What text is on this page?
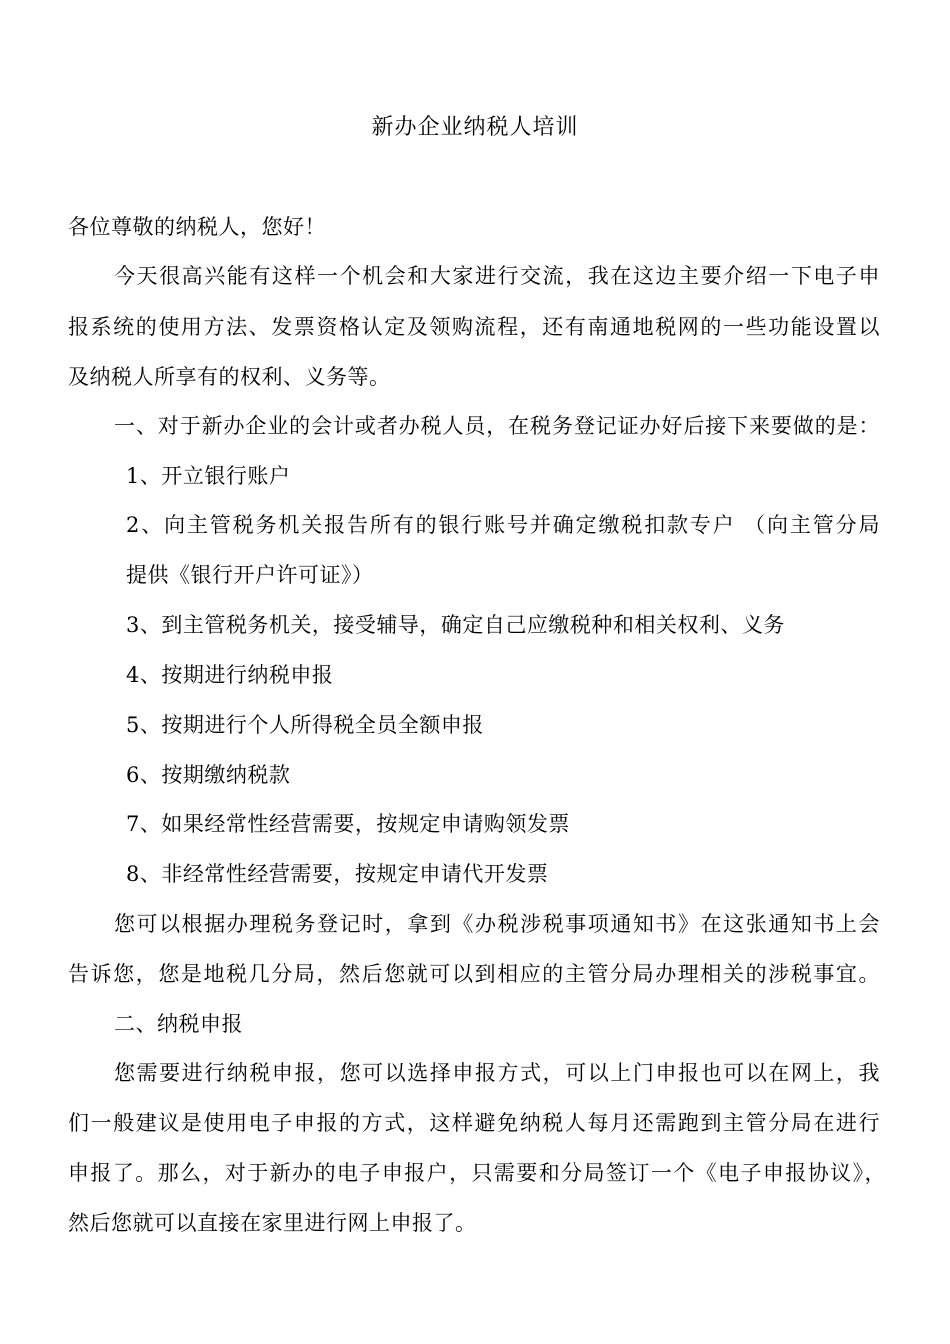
新办企业纳税人培训
各位尊敬的纳税人，您好！
今天很高兴能有这样一个机会和大家进行交流，我在这边主要介绍一下电子申
报系统的使用方法、发票资格认定及领购流程，还有南通地税网的一些功能设置以
及纳税人所享有的权利、义务等。
一、对于新办企业的会计或者办税人员，在税务登记证办好后接下来要做的是：
1、开立银行账户
2、向主管税务机关报告所有的银行账号并确定缴税扣款专户 （向主管分局
提供《银行开户许可证》）
3、到主管税务机关，接受辅导，确定自己应缴税种和相关权利、义务
4、按期进行纳税申报
5、按期进行个人所得税全员全额申报
6、按期缴纳税款
7、如果经常性经营需要，按规定申请购领发票
8、非经常性经营需要，按规定申请代开发票
您可以根据办理税务登记时，拿到《办税涉税事项通知书》在这张通知书上会
告诉您，您是地税几分局，然后您就可以到相应的主管分局办理相关的涉税事宜。
二、纳税申报
您需要进行纳税申报，您可以选择申报方式，可以上门申报也可以在网上，我
们一般建议是使用电子申报的方式，这样避免纳税人每月还需跑到主管分局在进行
申报了。那么，对于新办的电子申报户，只需要和分局签订一个《电子申报协议》，
然后您就可以直接在家里进行网上申报了。
